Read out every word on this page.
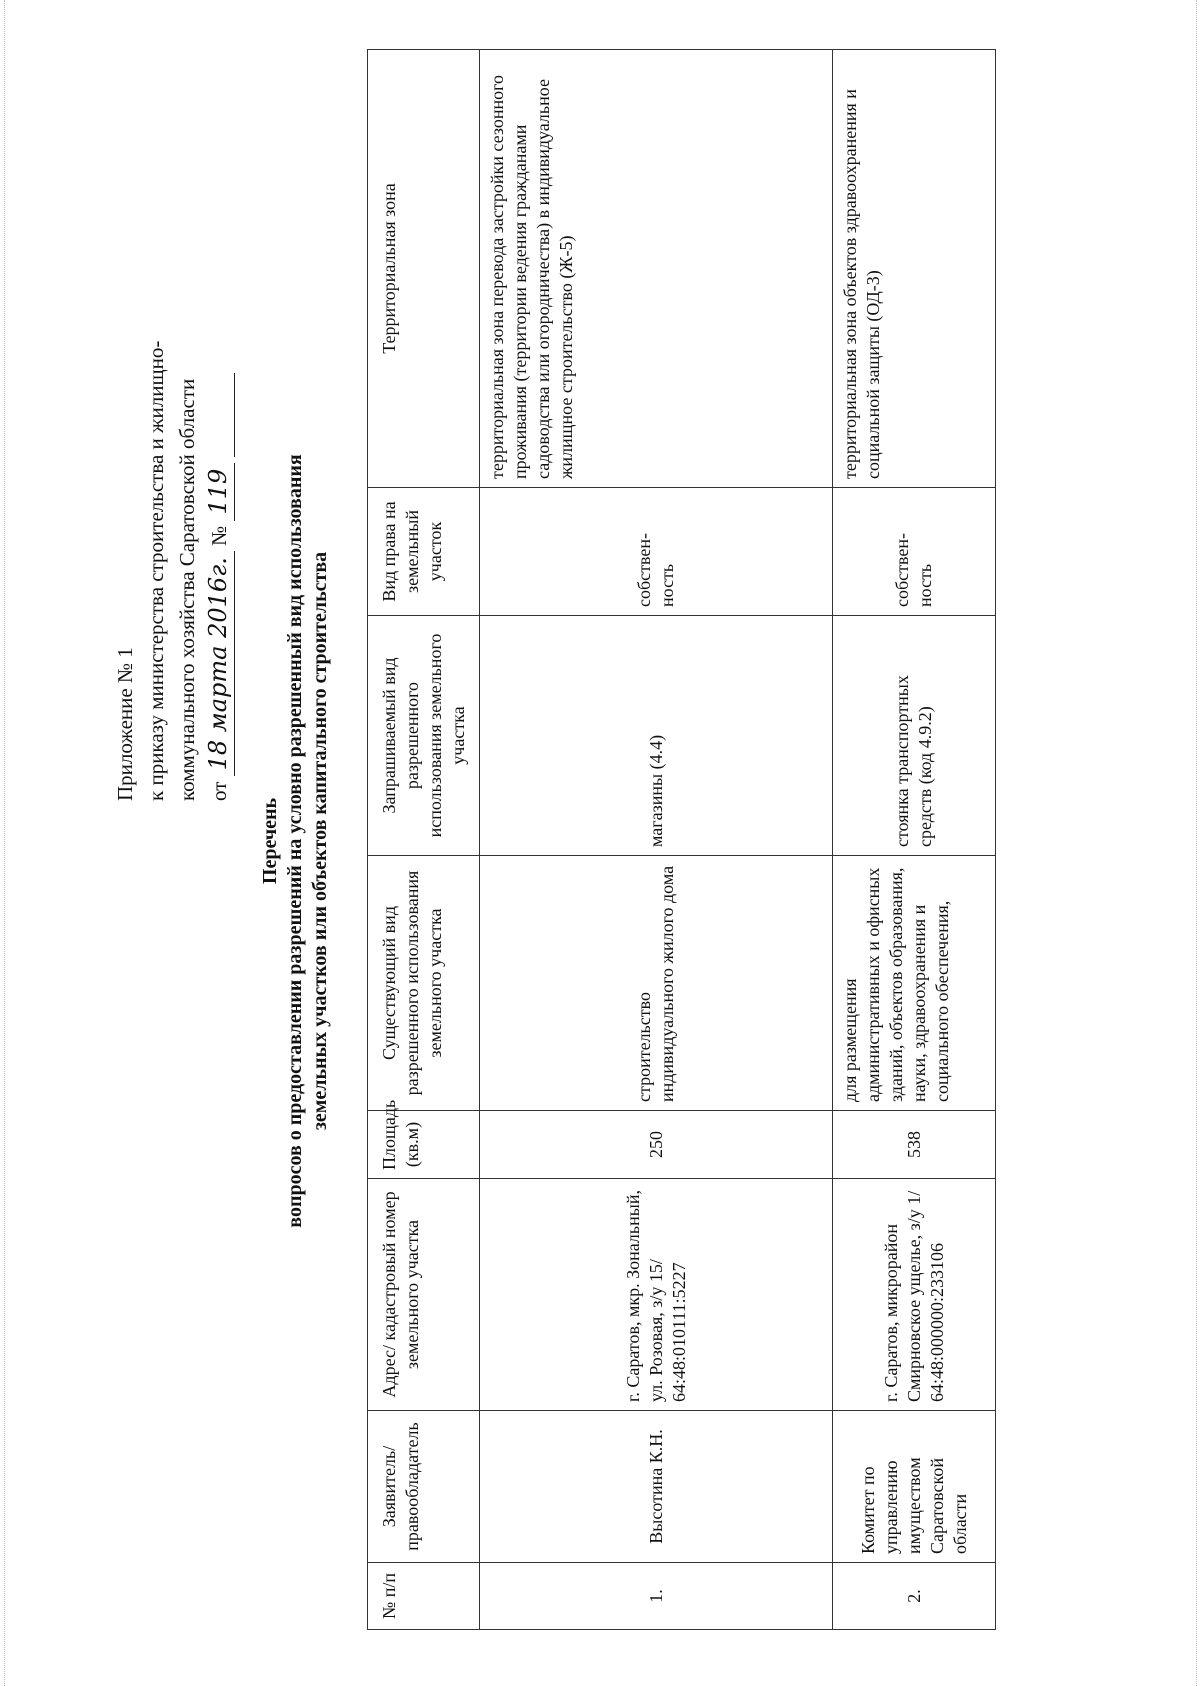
Приложение № 1 к приказу министерства строительства и жилищно- коммунального хозяйства Саратовской области от 18 марта 2016г. № 119
Перечень вопросов о предоставлении разрешений на условно разрешенный вид использования земельных участков или объектов капитального строительства
№ п/п	Заявитель/ правообладатель	Адрес/ кадастровый номер земельного участка	Площадь (кв.м)	Существующий вид разрешенного использования земельного участка	Запрашиваемый вид разрешенного использования земельного участка	Вид права на земельный участок	Территориальная зона
1.	Высотина К.Н.	г. Саратов, мкр. Зональный, ул. Розовая, з/у 15/ 64:48:010111:5227	250	строительство индивидуального жилого дома	магазины (4.4)	собствен-ность	территориальная зона перевода застройки сезонного проживания (территории ведения гражданами садоводства или огородничества) в индивидуальное жилищное строительство (Ж-5)
2.	Комитет по управлению имуществом Саратовской области	г. Саратов, микрорайон Смирновское ущелье, з/у 1/ 64:48:000000:233106	538	для размещения административных и офисных зданий, объектов образования, науки, здравоохранения и социального обеспечения,	стоянка транспортных средств (код 4.9.2)	собствен-ность	территориальная зона объектов здравоохранения и социальной защиты (ОД-3)
